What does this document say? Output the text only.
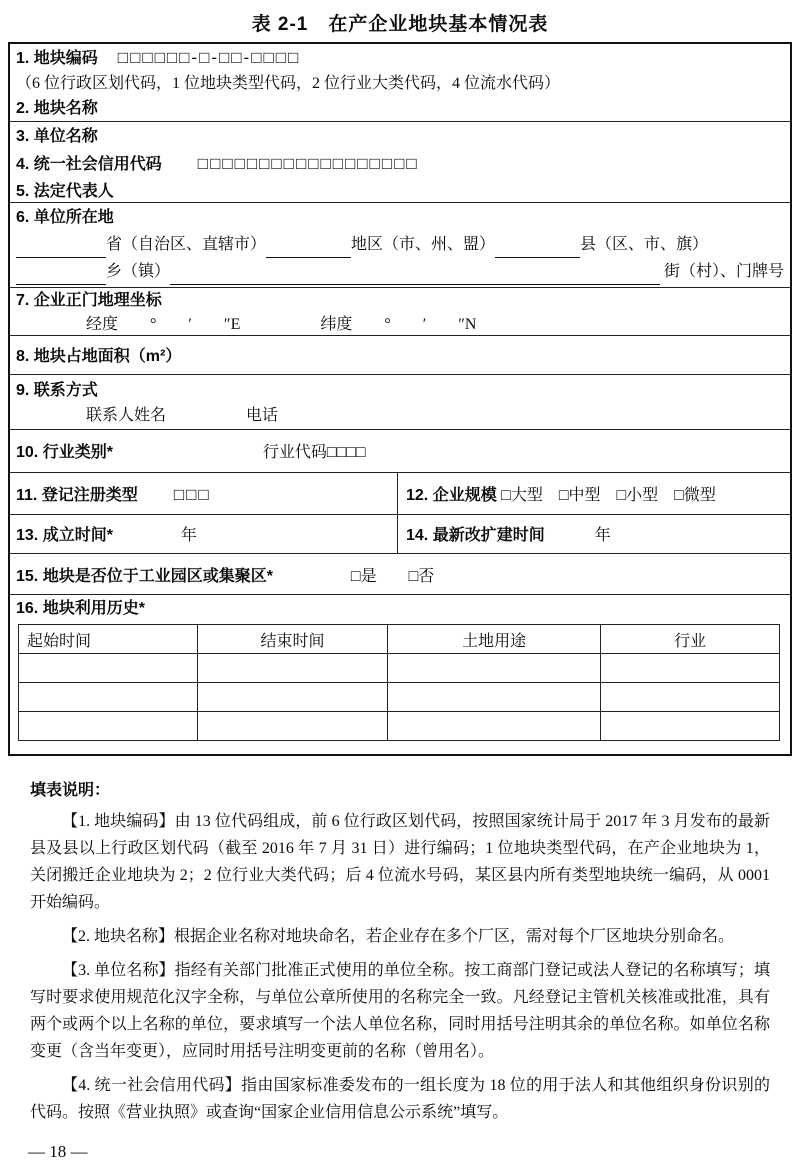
表 2-1　在产企业地块基本情况表
1. 地块编码 □□□□□□-□-□□-□□□□
（6 位行政区划代码，1 位地块类型代码，2 位行业大类代码，4 位流水代码）
2. 地块名称
3. 单位名称
4. 统一社会信用代码 □□□□□□□□□□□□□□□□□□
5. 法定代表人
6. 单位所在地
省（自治区、直辖市）	地区（市、州、盟）	县（区、市、旗）
乡（镇）	街（村）、门牌号
7. 企业正门地理坐标
经度　　°　　′　　″E　　　　　纬度　　°　　′　　″N
8. 地块占地面积（m²）
9. 联系方式
联系人姓名　　　　　电话
10. 行业类别*	行业代码□□□□
11. 登记注册类型 □□□	12. 企业规模 □大型　□中型　□小型　□微型
13. 成立时间*	年	14. 最新改扩建时间	年
15. 地块是否位于工业园区或集聚区*	□是　　□否
16. 地块利用历史*
起始时间	结束时间	土地用途	行业

填表说明：

【1. 地块编码】由 13 位代码组成，前 6 位行政区划代码，按照国家统计局于 2017 年 3 月发布的最新县及县以上行政区划代码（截至 2016 年 7 月 31 日）进行编码；1 位地块类型代码，在产企业地块为 1，关闭搬迁企业地块为 2；2 位行业大类代码；后 4 位流水号码，某区县内所有类型地块统一编码，从 0001 开始编码。

【2. 地块名称】根据企业名称对地块命名，若企业存在多个厂区，需对每个厂区地块分别命名。

【3. 单位名称】指经有关部门批准正式使用的单位全称。按工商部门登记或法人登记的名称填写；填写时要求使用规范化汉字全称，与单位公章所使用的名称完全一致。凡经登记主管机关核准或批准，具有两个或两个以上名称的单位，要求填写一个法人单位名称，同时用括号注明其余的单位名称。如单位名称变更（含当年变更），应同时用括号注明变更前的名称（曾用名）。

【4. 统一社会信用代码】指由国家标准委发布的一组长度为 18 位的用于法人和其他组织身份识别的代码。按照《营业执照》或查询“国家企业信用信息公示系统”填写。

— 18 —
